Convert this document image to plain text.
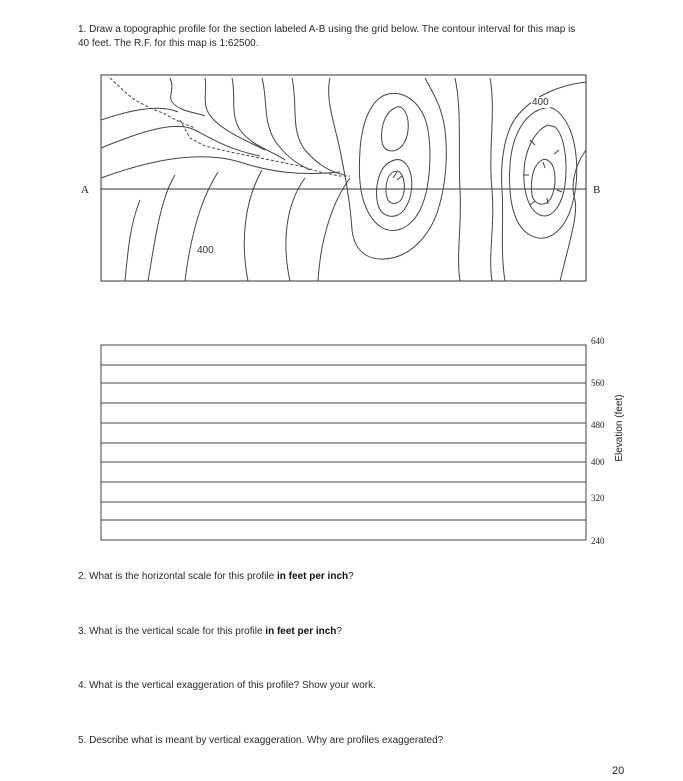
1. Draw a topographic profile for the section labeled A-B using the grid below. The contour interval for this map is
40 feet. The R.F. for this map is 1:62500.
A	B
400
400
640
560
480
400
320
240
Elevation (feet)
2. What is the horizontal scale for this profile in feet per inch?
3. What is the vertical scale for this profile in feet per inch?
4. What is the vertical exaggeration of this profile? Show your work.
5. Describe what is meant by vertical exaggeration. Why are profiles exaggerated?
20
